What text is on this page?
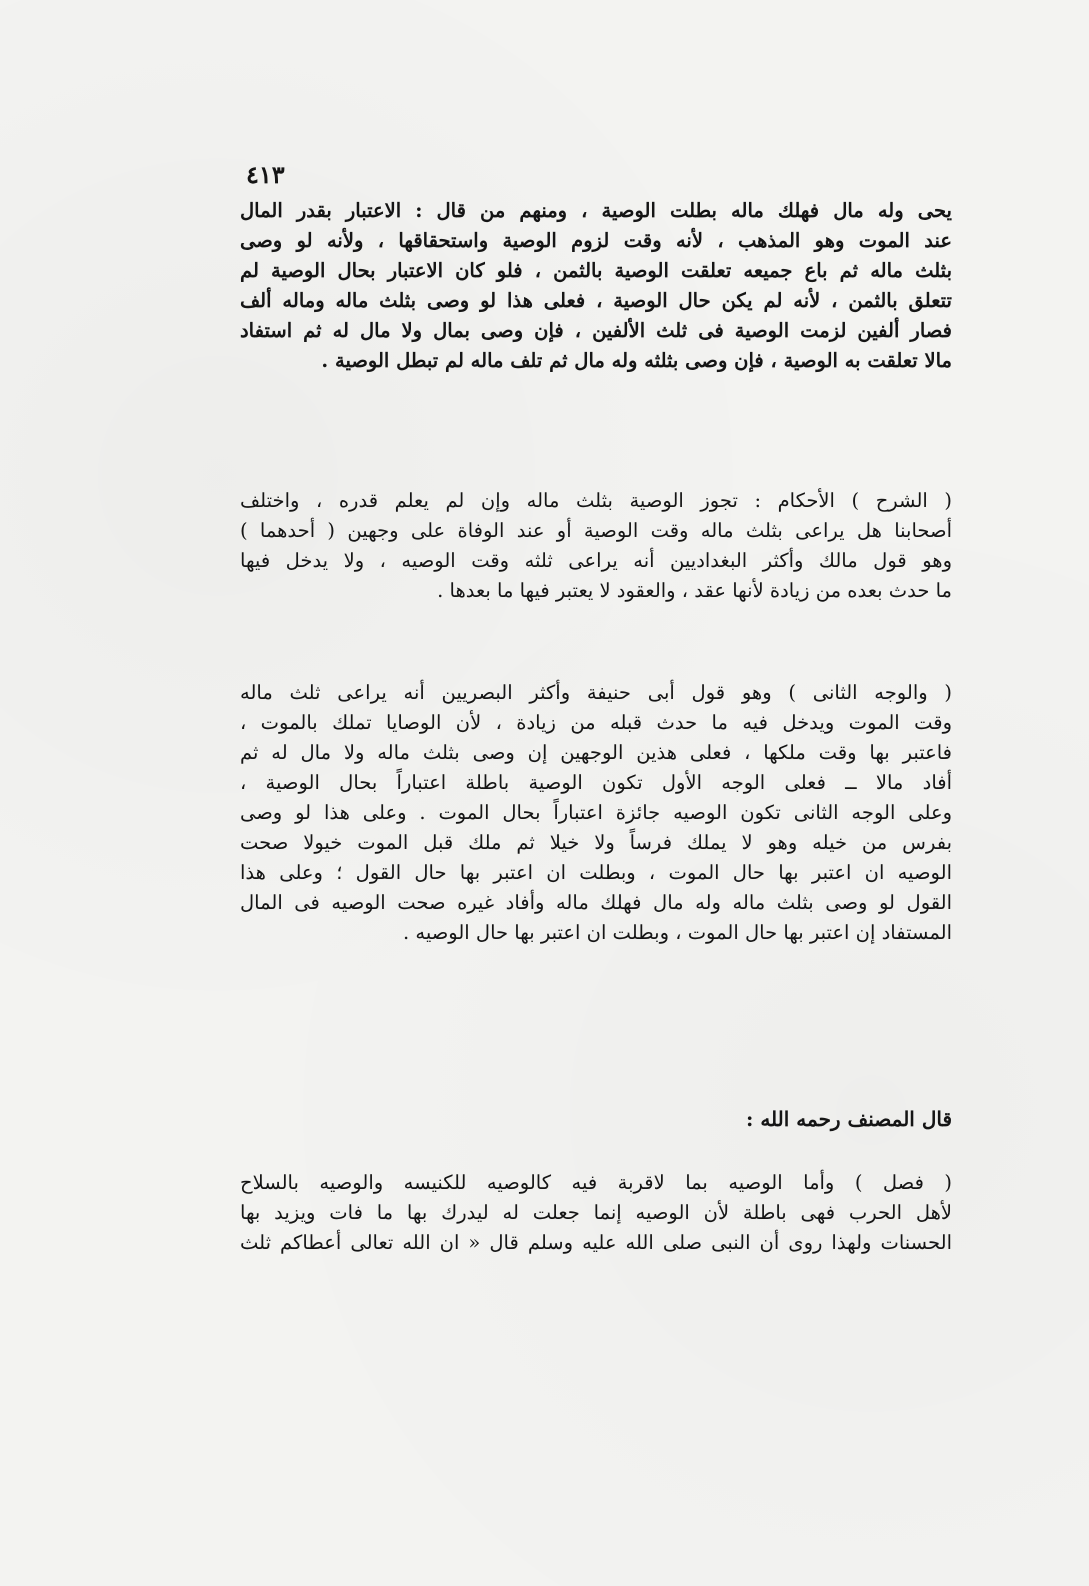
٤١٣
يحى وله مال فهلك ماله بطلت الوصية ، ومنهم من قال : الاعتبار بقدر المال
عند الموت وهو المذهب ، لأنه وقت لزوم الوصية واستحقاقها ، ولأنه لو وصى
بثلث ماله ثم باع جميعه تعلقت الوصية بالثمن ، فلو كان الاعتبار بحال الوصية لم
تتعلق بالثمن ، لأنه لم يكن حال الوصية ، فعلى هذا لو وصى بثلث ماله وماله ألف
فصار ألفين لزمت الوصية فى ثلث الألفين ، فإن وصى بمال ولا مال له ثم استفاد
مالا تعلقت به الوصية ، فإن وصى بثلثه وله مال ثم تلف ماله لم تبطل الوصية .
( الشرح ) الأحكام : تجوز الوصية بثلث ماله وإن لم يعلم قدره ، واختلف
أصحابنا هل يراعى بثلث ماله وقت الوصية أو عند الوفاة على وجهين ( أحدهما )
وهو قول مالك وأكثر البغداديين أنه يراعى ثلثه وقت الوصيه ، ولا يدخل فيها
ما حدث بعده من زيادة لأنها عقد ، والعقود لا يعتبر فيها ما بعدها .
( والوجه الثانى ) وهو قول أبى حنيفة وأكثر البصريين أنه يراعى ثلث ماله
وقت الموت ويدخل فيه ما حدث قبله من زيادة ، لأن الوصايا تملك بالموت ،
فاعتبر بها وقت ملكها ، فعلى هذين الوجهين إن وصى بثلث ماله ولا مال له ثم
أفاد مالا ــ فعلى الوجه الأول تكون الوصية باطلة اعتباراً بحال الوصية ،
وعلى الوجه الثانى تكون الوصيه جائزة اعتباراً بحال الموت . وعلى هذا لو وصى
بفرس من خيله وهو لا يملك فرساً ولا خيلا ثم ملك قبل الموت خيولا صحت
الوصيه ان اعتبر بها حال الموت ، وبطلت ان اعتبر بها حال القول ؛ وعلى هذا
القول لو وصى بثلث ماله وله مال فهلك ماله وأفاد غيره صحت الوصيه فى المال
المستفاد إن اعتبر بها حال الموت ، وبطلت ان اعتبر بها حال الوصيه .
قال المصنف رحمه الله :
( فصل ) وأما الوصيه بما لاقربة فيه كالوصيه للكنيسه والوصيه بالسلاح
لأهل الحرب فهى باطلة لأن الوصيه إنما جعلت له ليدرك بها ما فات ويزيد بها
الحسنات ولهذا روى أن النبى صلى الله عليه وسلم قال « ان الله تعالى أعطاكم ثلث
